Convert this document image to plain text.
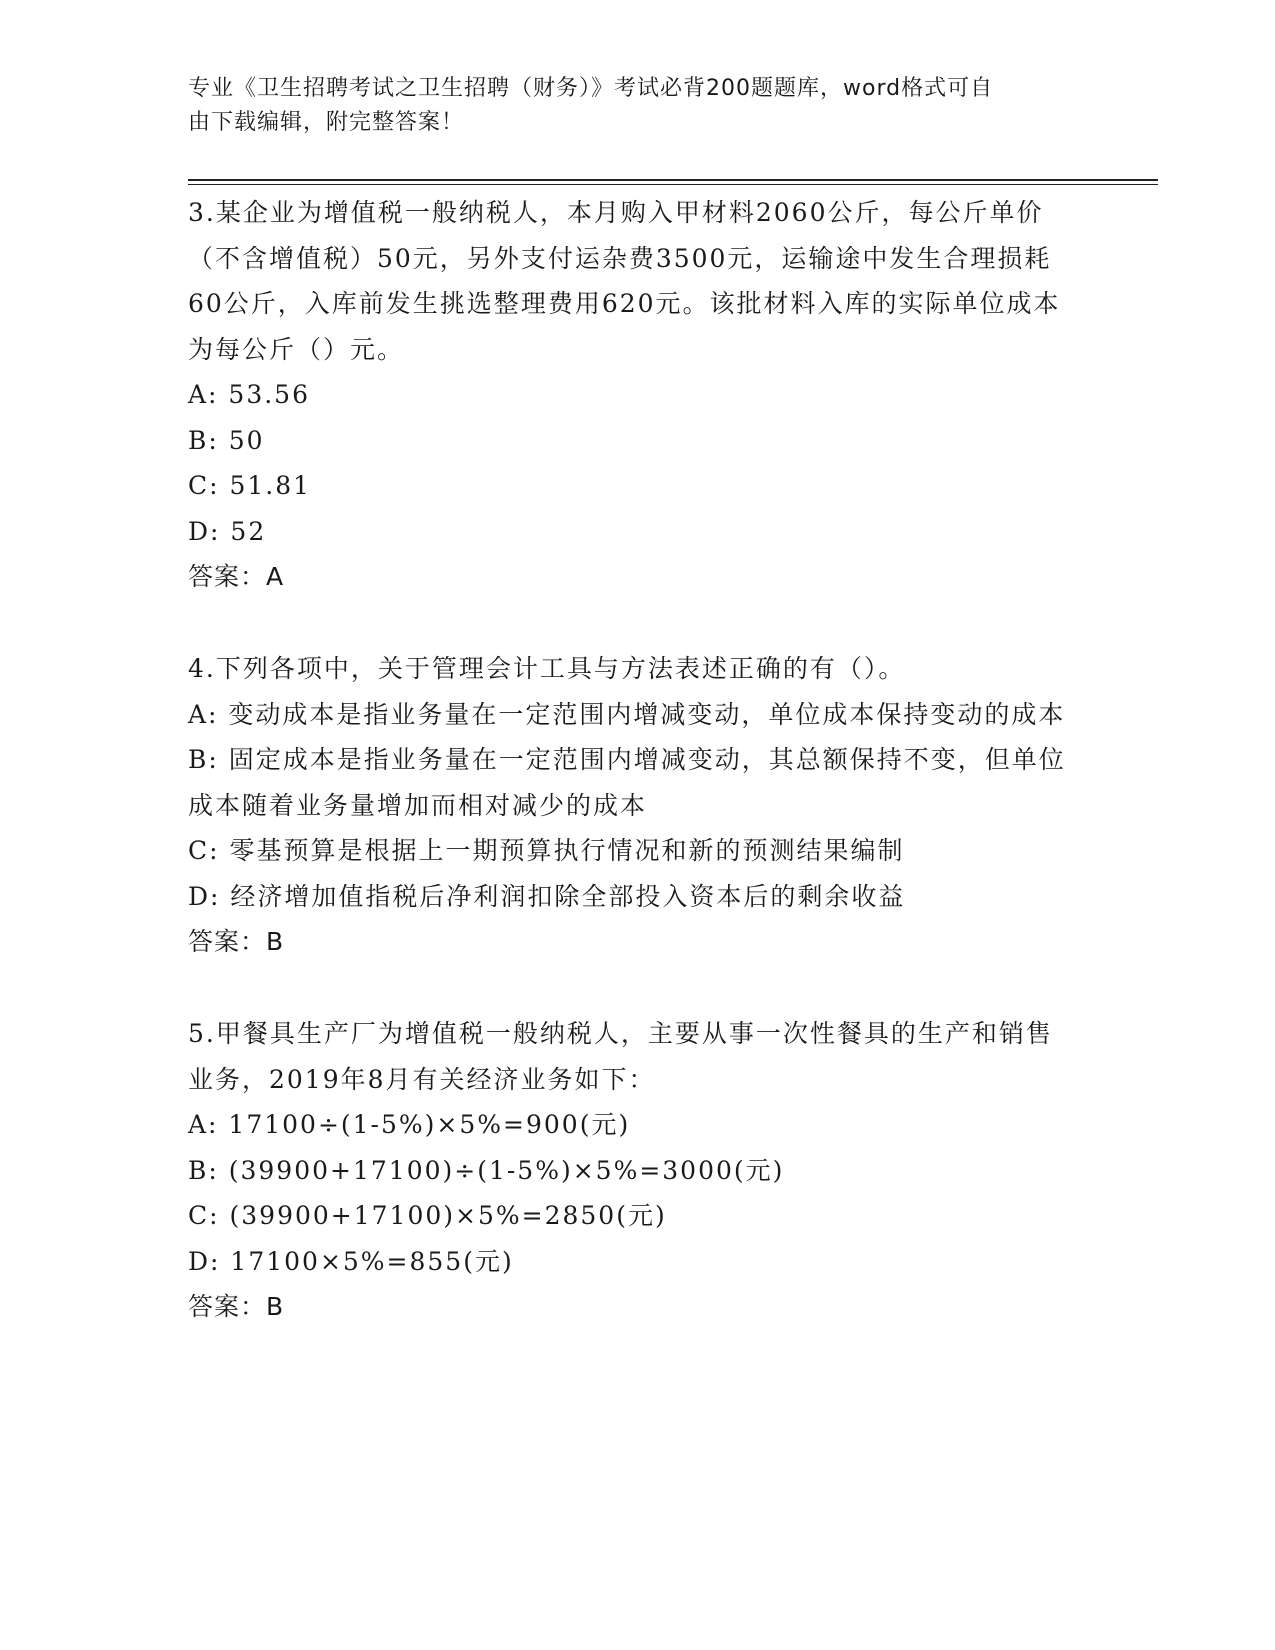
专业《卫生招聘考试之卫生招聘（财务）》考试必背200题题库，word格式可自
由下载编辑，附完整答案！

3.某企业为增值税一般纳税人，本月购入甲材料2060公斤，每公斤单价（不含增值税）50元，另外支付运杂费3500元，运输途中发生合理损耗60公斤，入库前发生挑选整理费用620元。该批材料入库的实际单位成本为每公斤（）元。

A: 53.56

B: 50

C: 51.81

D: 52

答案：A

4.下列各项中，关于管理会计工具与方法表述正确的有（）。

A: 变动成本是指业务量在一定范围内增减变动，单位成本保持变动的成本

B: 固定成本是指业务量在一定范围内增减变动，其总额保持不变，但单位成本随着业务量增加而相对减少的成本

C: 零基预算是根据上一期预算执行情况和新的预测结果编制

D: 经济增加值指税后净利润扣除全部投入资本后的剩余收益

答案：B

5.甲餐具生产厂为增值税一般纳税人，主要从事一次性餐具的生产和销售业务，2019年8月有关经济业务如下：

A: 17100÷(1-5%)×5%=900(元)

B: (39900+17100)÷(1-5%)×5%=3000(元)

C: (39900+17100)×5%=2850(元)

D: 17100×5%=855(元)

答案：B
